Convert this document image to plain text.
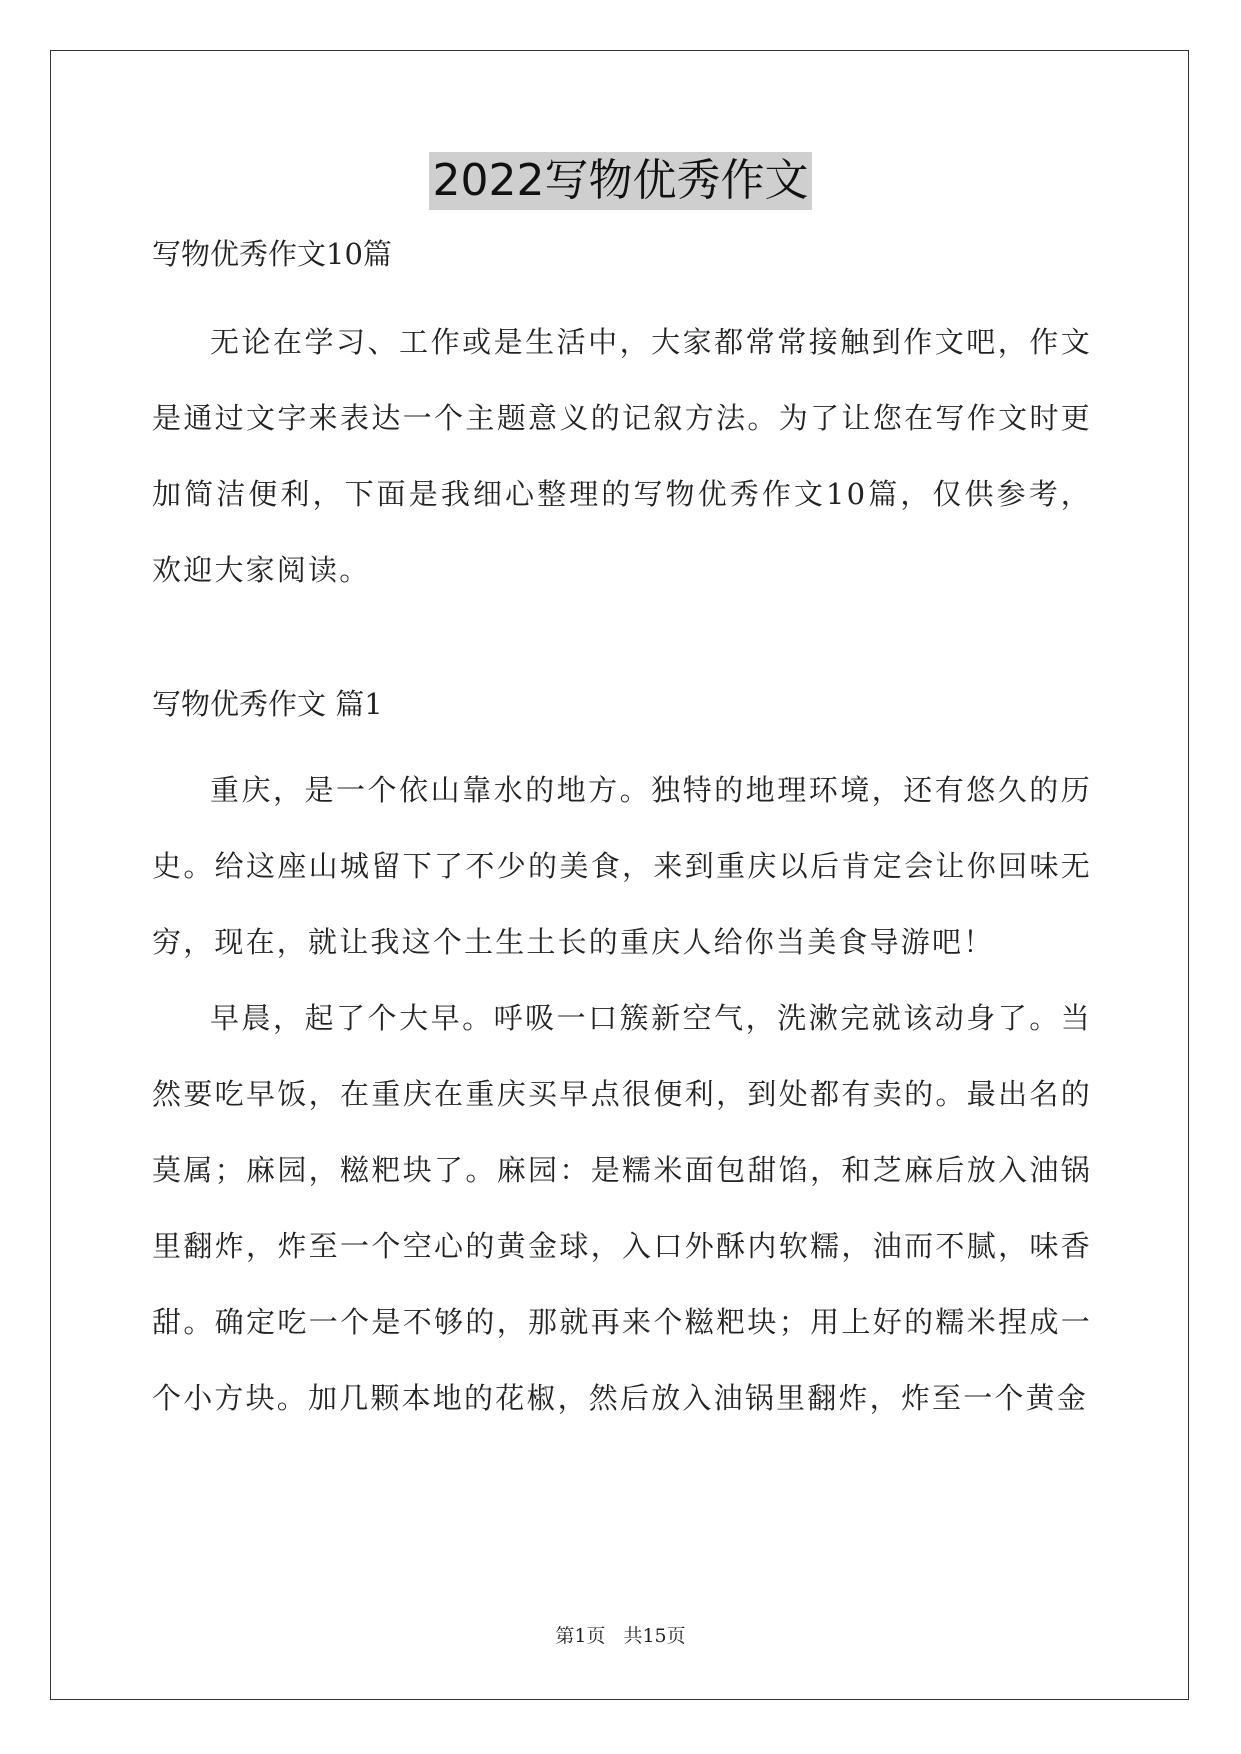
2022写物优秀作文
写物优秀作文10篇

无论在学习、工作或是生活中，大家都常常接触到作文吧，作文是通过文字来表达一个主题意义的记叙方法。为了让您在写作文时更加简洁便利，下面是我细心整理的写物优秀作文10篇，仅供参考，欢迎大家阅读。

写物优秀作文 篇1

重庆，是一个依山靠水的地方。独特的地理环境，还有悠久的历史。给这座山城留下了不少的美食，来到重庆以后肯定会让你回味无穷，现在，就让我这个土生土长的重庆人给你当美食导游吧！

早晨，起了个大早。呼吸一口簇新空气，洗漱完就该动身了。当然要吃早饭，在重庆在重庆买早点很便利，到处都有卖的。最出名的莫属；麻园，糍粑块了。麻园：是糯米面包甜馅，和芝麻后放入油锅里翻炸，炸至一个空心的黄金球，入口外酥内软糯，油而不腻，味香甜。确定吃一个是不够的，那就再来个糍粑块；用上好的糯米捏成一个小方块。加几颗本地的花椒，然后放入油锅里翻炸，炸至一个黄金

第1页 共15页
